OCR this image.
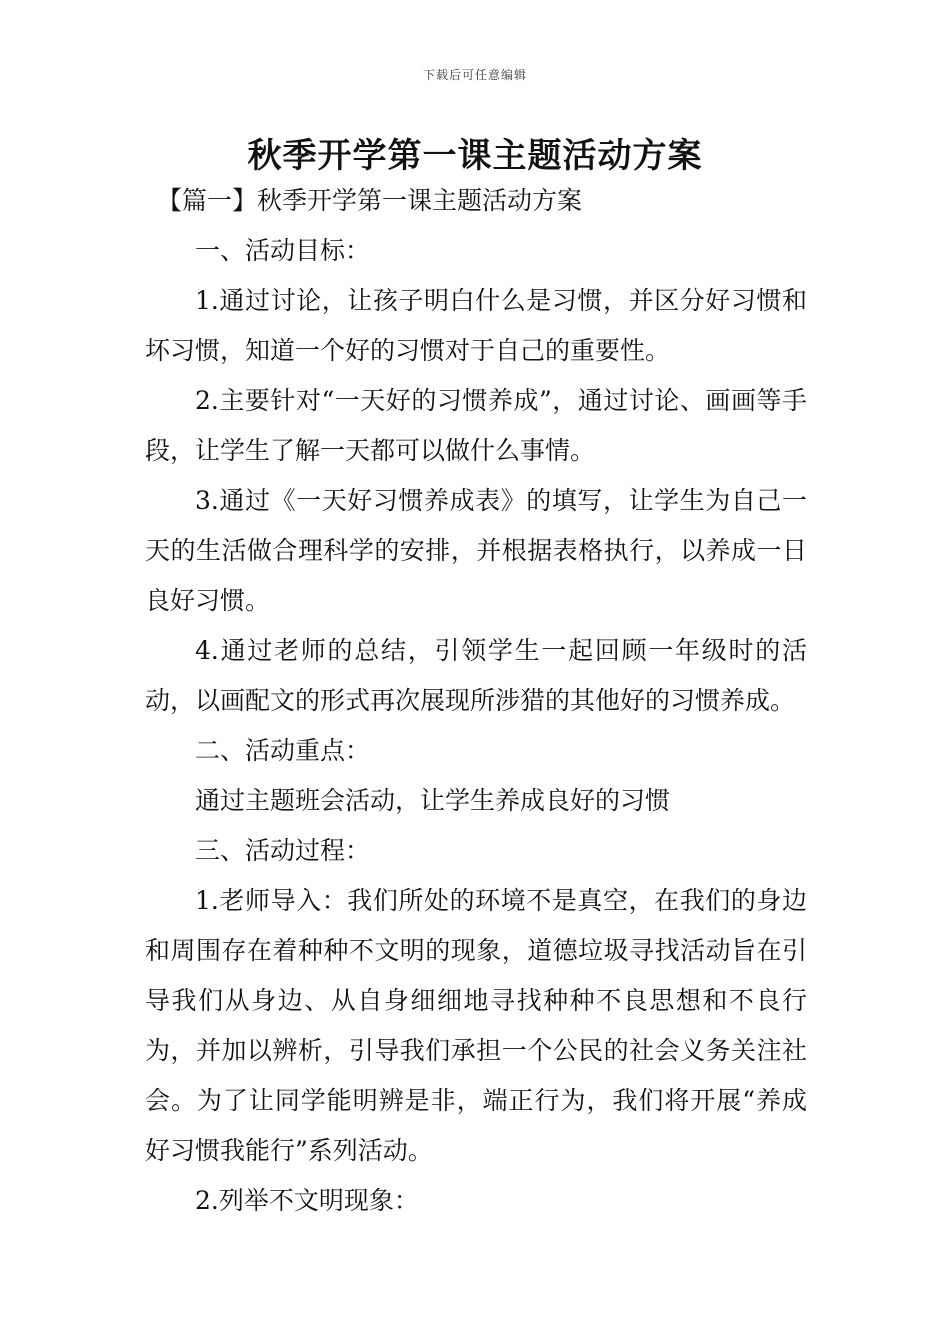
下载后可任意编辑
秋季开学第一课主题活动方案

【篇一】秋季开学第一课主题活动方案

一、活动目标：

1.通过讨论，让孩子明白什么是习惯，并区分好习惯和坏习惯，知道一个好的习惯对于自己的重要性。

2.主要针对“一天好的习惯养成”，通过讨论、画画等手段，让学生了解一天都可以做什么事情。

3.通过《一天好习惯养成表》的填写，让学生为自己一天的生活做合理科学的安排，并根据表格执行，以养成一日良好习惯。

4.通过老师的总结，引领学生一起回顾一年级时的活动，以画配文的形式再次展现所涉猎的其他好的习惯养成。

二、活动重点：

通过主题班会活动，让学生养成良好的习惯

三、活动过程：

1.老师导入：我们所处的环境不是真空，在我们的身边和周围存在着种种不文明的现象，道德垃圾寻找活动旨在引导我们从身边、从自身细细地寻找种种不良思想和不良行为，并加以辨析，引导我们承担一个公民的社会义务关注社会。为了让同学能明辨是非，端正行为，我们将开展“养成好习惯我能行”系列活动。

2.列举不文明现象：
